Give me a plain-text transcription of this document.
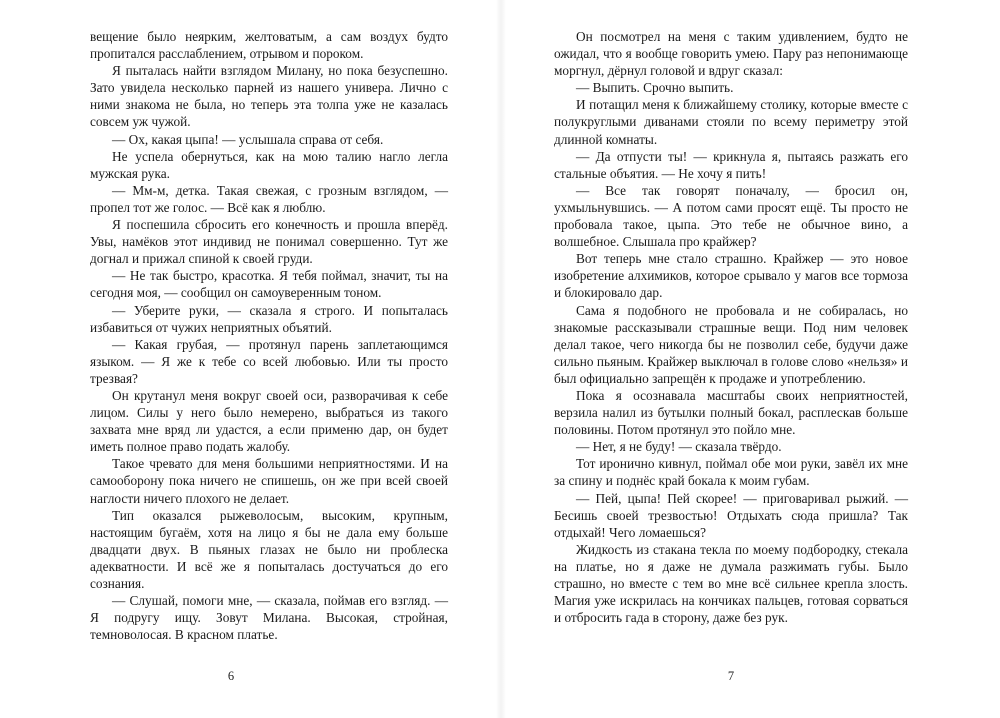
вещение было неярким, желтоватым, а сам воздух будто пропитался расслаблением, отрывом и пороком.

Я пыталась найти взглядом Милану, но пока безуспешно. Зато увидела несколько парней из нашего универа. Лично с ними знакома не была, но теперь эта толпа уже не казалась совсем уж чужой.

— Ох, какая цыпа! — услышала справа от себя.

Не успела обернуться, как на мою талию нагло легла мужская рука.

— Мм-м, детка. Такая свежая, с грозным взглядом, — пропел тот же голос. — Всё как я люблю.

Я поспешила сбросить его конечность и прошла вперёд. Увы, намёков этот индивид не понимал совершенно. Тут же догнал и прижал спиной к своей груди.

— Не так быстро, красотка. Я тебя поймал, значит, ты на сегодня моя, — сообщил он самоуверенным тоном.

— Уберите руки, — сказала я строго. И попыталась избавиться от чужих неприятных объятий.

— Какая грубая, — протянул парень заплетающимся языком. — Я же к тебе со всей любовью. Или ты просто трезвая?

Он крутанул меня вокруг своей оси, разворачивая к себе лицом. Силы у него было немерено, выбраться из такого захвата мне вряд ли удастся, а если применю дар, он будет иметь полное право подать жалобу.

Такое чревато для меня большими неприятностями. И на самооборону пока ничего не спишешь, он же при всей своей наглости ничего плохого не делает.

Тип оказался рыжеволосым, высоким, крупным, настоящим бугаём, хотя на лицо я бы не дала ему больше двадцати двух. В пьяных глазах не было ни проблеска адекватности. И всё же я попыталась достучаться до его сознания.

— Слушай, помоги мне, — сказала, поймав его взгляд. — Я подругу ищу. Зовут Милана. Высокая, стройная, темноволосая. В красном платье.

6

Он посмотрел на меня с таким удивлением, будто не ожидал, что я вообще говорить умею. Пару раз непонимающе моргнул, дёрнул головой и вдруг сказал:

— Выпить. Срочно выпить.

И потащил меня к ближайшему столику, которые вместе с полукруглыми диванами стояли по всему периметру этой длинной комнаты.

— Да отпусти ты! — крикнула я, пытаясь разжать его стальные объятия. — Не хочу я пить!

— Все так говорят поначалу, — бросил он, ухмыльнувшись. — А потом сами просят ещё. Ты просто не пробовала такое, цыпа. Это тебе не обычное вино, а волшебное. Слышала про крайжер?

Вот теперь мне стало страшно. Крайжер — это новое изобретение алхимиков, которое срывало у магов все тормоза и блокировало дар.

Сама я подобного не пробовала и не собиралась, но знакомые рассказывали страшные вещи. Под ним человек делал такое, чего никогда бы не позволил себе, будучи даже сильно пьяным. Крайжер выключал в голове слово «нельзя» и был официально запрещён к продаже и употреблению.

Пока я осознавала масштабы своих неприятностей, верзила налил из бутылки полный бокал, расплескав больше половины. Потом протянул это пойло мне.

— Нет, я не буду! — сказала твёрдо.

Тот иронично кивнул, поймал обе мои руки, завёл их мне за спину и поднёс край бокала к моим губам.

— Пей, цыпа! Пей скорее! — приговаривал рыжий. — Бесишь своей трезвостью! Отдыхать сюда пришла? Так отдыхай! Чего ломаешься?

Жидкость из стакана текла по моему подбородку, стекала на платье, но я даже не думала разжимать губы. Было страшно, но вместе с тем во мне всё сильнее крепла злость. Магия уже искрилась на кончиках пальцев, готовая сорваться и отбросить гада в сторону, даже без рук.

7
